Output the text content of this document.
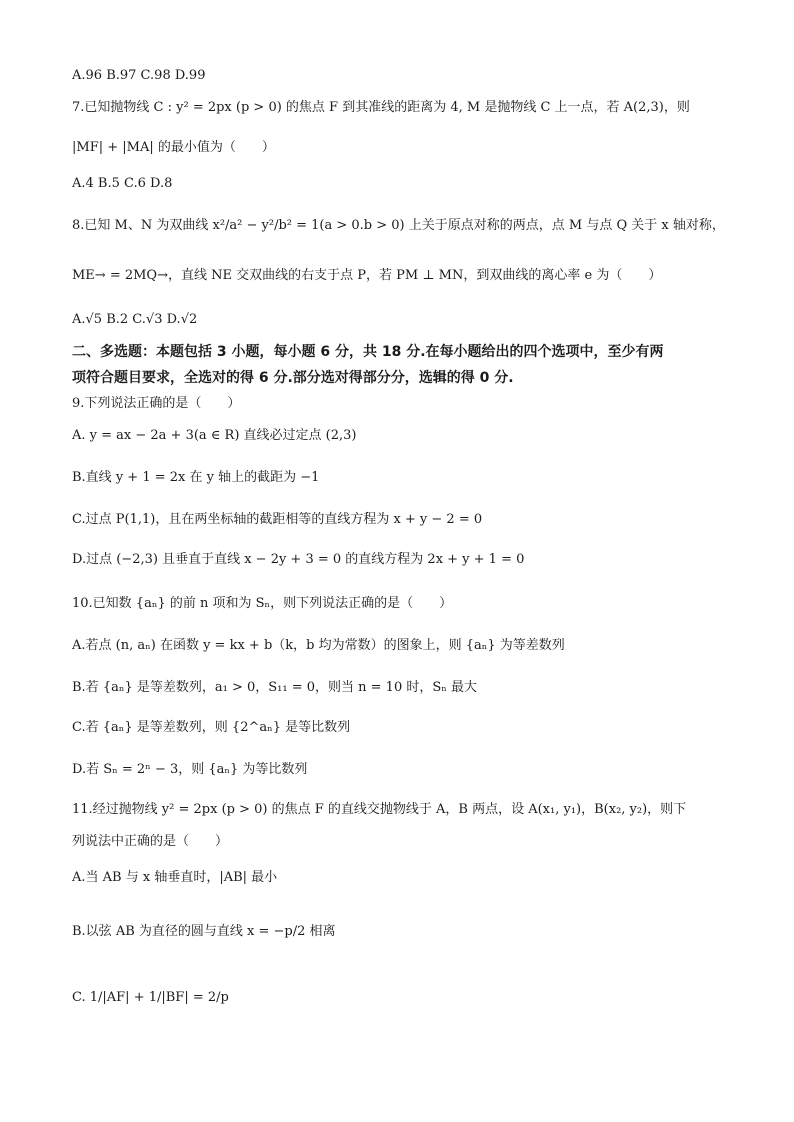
A.96 B.97 C.98 D.99
7.已知抛物线 C : y² = 2px (p > 0) 的焦点 F 到其准线的距离为 4, M 是抛物线 C 上一点，若 A(2,3)，则
|MF| + |MA| 的最小值为（　　）
A.4 B.5 C.6 D.8
8.已知 M、N 为双曲线 x²/a² − y²/b² = 1(a > 0.b > 0) 上关于原点对称的两点，点 M 与点 Q 关于 x 轴对称，
ME→ = 2MQ→，直线 NE 交双曲线的右支于点 P，若 PM ⊥ MN，到双曲线的离心率 e 为（　　）
A.√5 B.2 C.√3 D.√2
二、多选题：本题包括 3 小题，每小题 6 分，共 18 分.在每小题给出的四个选项中，至少有两
项符合题目要求，全选对的得 6 分.部分选对得部分分，选辑的得 0 分.
9.下列说法正确的是（　　）
A. y = ax − 2a + 3(a ∈ R) 直线必过定点 (2,3)
B.直线 y + 1 = 2x 在 y 轴上的截距为 −1
C.过点 P(1,1)，且在两坐标轴的截距相等的直线方程为 x + y − 2 = 0
D.过点 (−2,3) 且垂直于直线 x − 2y + 3 = 0 的直线方程为 2x + y + 1 = 0
10.已知数 {aₙ} 的前 n 项和为 Sₙ，则下列说法正确的是（　　）
A.若点 (n, aₙ) 在函数 y = kx + b（k，b 均为常数）的图象上，则 {aₙ} 为等差数列
B.若 {aₙ} 是等差数列，a₁ > 0，S₁₁ = 0，则当 n = 10 时，Sₙ 最大
C.若 {aₙ} 是等差数列，则 {2^aₙ} 是等比数列
D.若 Sₙ = 2ⁿ − 3，则 {aₙ} 为等比数列
11.经过抛物线 y² = 2px (p > 0) 的焦点 F 的直线交抛物线于 A，B 两点，设 A(x₁, y₁)，B(x₂, y₂)，则下
列说法中正确的是（　　）
A.当 AB 与 x 轴垂直时，|AB| 最小
B.以弦 AB 为直径的圆与直线 x = −p/2 相离
C. 1/|AF| + 1/|BF| = 2/p
